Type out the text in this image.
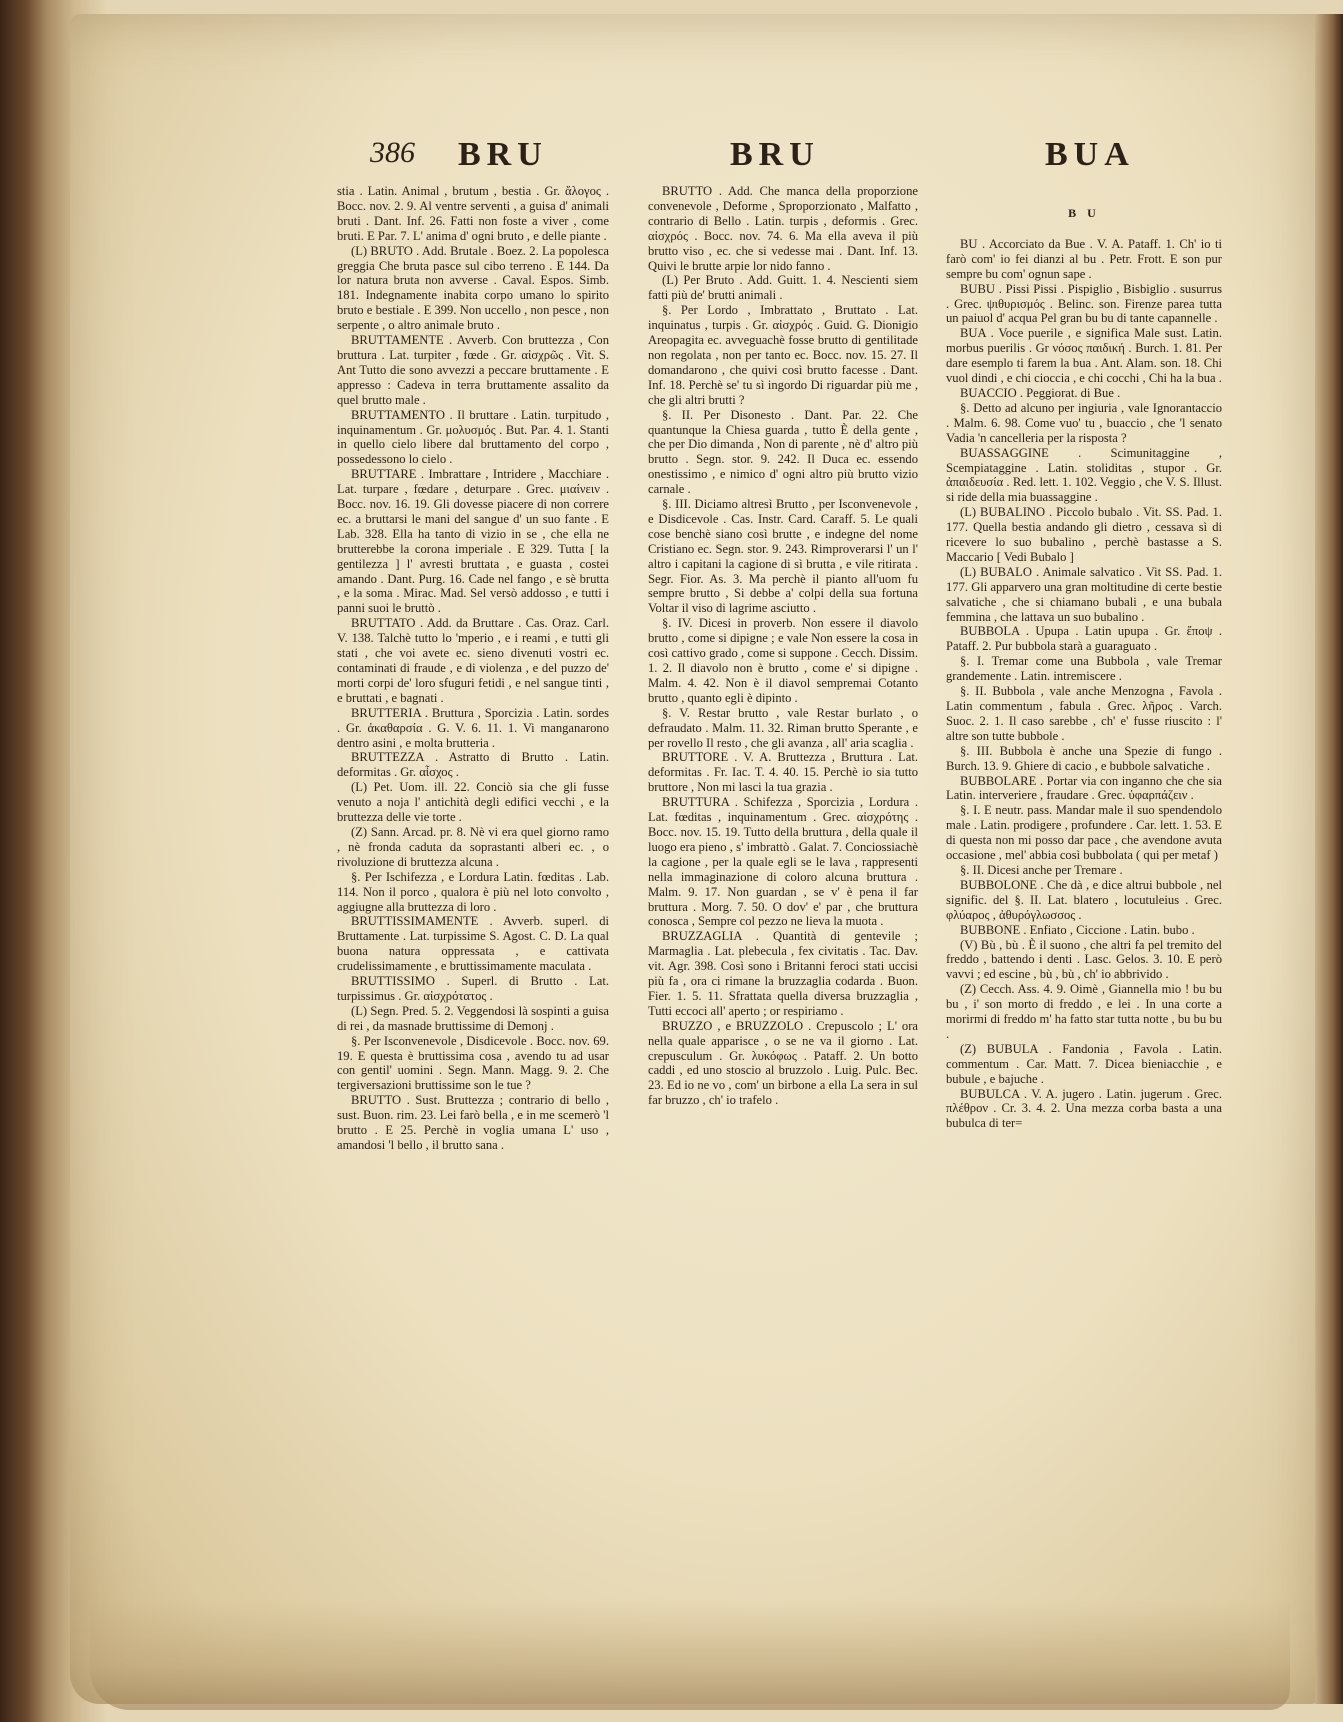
386 BRU	BRU	BUA

stia . Latin. Animal , brutum , bestia . Gr. ἄλογος . Bocc. nov. 2. 9. Al ventre serventi , a guisa d' animali bruti . Dant. Inf. 26. Fatti non foste a viver , come bruti. E Par. 7. L' anima d' ogni bruto , e delle piante .

(L) BRUTO . Add. Brutale . Boez. 2. La popolesca greggia Che bruta pasce sul cibo terreno . E 144. Da lor natura bruta non avverse . Caval. Espos. Simb. 181. Indegnamente inabita corpo umano lo spirito bruto e bestiale . E 399. Non uccello , non pesce , non serpente , o altro animale bruto .

BRUTTAMENTE . Avverb. Con bruttezza , Con bruttura . Lat. turpiter , fœde . Gr. αἰσχρῶς . Vit. S. Ant Tutto die sono avvezzi a peccare bruttamente . E appresso : Cadeva in terra bruttamente assalito da quel brutto male .

BRUTTAMENTO . Il bruttare . Latin. turpitudo , inquinamentum . Gr. μολυσμός . But. Par. 4. 1. Stanti in quello cielo libere dal bruttamento del corpo , possedessono lo cielo .

BRUTTARE . Imbrattare , Intridere , Macchiare . Lat. turpare , fœdare , deturpare . Grec. μιαίνειν . Bocc. nov. 16. 19. Gli dovesse piacere di non correre ec. a bruttarsi le mani del sangue d' un suo fante . E Lab. 328. Ella ha tanto di vizio in se , che ella ne brutterebbe la corona imperiale . E 329. Tutta [ la gentilezza ] l' avresti bruttata , e guasta , costei amando . Dant. Purg. 16. Cade nel fango , e sè brutta , e la soma . Mirac. Mad. Sel versò addosso , e tutti i panni suoi le bruttò .

BRUTTATO . Add. da Bruttare . Cas. Oraz. Carl. V. 138. Talchè tutto lo 'mperio , e i reami , e tutti gli stati , che voi avete ec. sieno divenuti vostri ec. contaminati di fraude , e di violenza , e del puzzo de' morti corpi de' loro sfuguri fetidi , e nel sangue tinti , e bruttati , e bagnati .

BRUTTERIA . Bruttura , Sporcizia . Latin. sordes . Gr. ἀκαθαρσία . G. V. 6. 11. 1. Vi manganarono dentro asini , e molta brutteria .

BRUTTEZZA . Astratto di Brutto . Latin. deformitas . Gr. αἶσχος .

(L) Pet. Uom. ill. 22. Conciò sia che gli fusse venuto a noja l' antichità degli edifici vecchi , e la bruttezza delle vie torte .

(Z) Sann. Arcad. pr. 8. Nè vi era quel giorno ramo , nè fronda caduta da soprastanti alberi ec. , o rivoluzione di bruttezza alcuna .

§. Per Ischifezza , e Lordura Latin. fœditas . Lab. 114. Non il porco , qualora è più nel loto convolto , aggiugne alla bruttezza di loro .

BRUTTISSIMAMENTE . Avverb. superl. di Bruttamente . Lat. turpissime S. Agost. C. D. La qual buona natura oppressata , e cattivata crudelissimamente , e bruttissimamente maculata .

BRUTTISSIMO . Superl. di Brutto . Lat. turpissimus . Gr. αἰσχρότατος .

(L) Segn. Pred. 5. 2. Veggendosi là sospinti a guisa di rei , da masnade bruttissime di Demonj .

§. Per Isconvenevole , Disdicevole . Bocc. nov. 69. 19. E questa è bruttissima cosa , avendo tu ad usar con gentil' uomini . Segn. Mann. Magg. 9. 2. Che tergiversazioni bruttissime son le tue ?

BRUTTO . Sust. Bruttezza ; contrario di bello , sust. Buon. rim. 23. Lei farò bella , e in me scemerò 'l brutto . E 25. Perchè in voglia umana L' uso , amandosi 'l bello , il brutto sana .

BRUTTO . Add. Che manca della proporzione convenevole , Deforme , Sproporzionato , Malfatto , contrario di Bello . Latin. turpis , deformis . Grec. αἰσχρός . Bocc. nov. 74. 6. Ma ella aveva il più brutto viso , ec. che si vedesse mai . Dant. Inf. 13. Quivi le brutte arpie lor nido fanno .

(L) Per Bruto . Add. Guitt. 1. 4. Nescienti siem fatti più de' brutti animali .

§. Per Lordo , Imbrattato , Bruttato . Lat. inquinatus , turpis . Gr. αἰσχρός . Guid. G. Dionigio Areopagita ec. avveguachè fosse brutto di gentilitade non regolata , non per tanto ec. Bocc. nov. 15. 27. Il domandarono , che quivi così brutto facesse . Dant. Inf. 18. Perchè se' tu sì ingordo Di riguardar più me , che gli altri brutti ?

§. II. Per Disonesto . Dant. Par. 22. Che quantunque la Chiesa guarda , tutto È della gente , che per Dio dimanda , Non di parente , nè d' altro più brutto . Segn. stor. 9. 242. Il Duca ec. essendo onestissimo , e nimico d' ogni altro più brutto vizio carnale .

§. III. Diciamo altresì Brutto , per Isconvenevole , e Disdicevole . Cas. Instr. Card. Caraff. 5. Le quali cose benchè siano così brutte , e indegne del nome Cristiano ec. Segn. stor. 9. 243. Rimproverarsi l' un l' altro i capitani la cagione di sì brutta , e vile ritirata . Segr. Fior. As. 3. Ma perchè il pianto all'uom fu sempre brutto , Si debbe a' colpi della sua fortuna Voltar il viso di lagrime asciutto .

§. IV. Dicesi in proverb. Non essere il diavolo brutto , come si dipigne ; e vale Non essere la cosa in così cattivo grado , come si suppone . Cecch. Dissim. 1. 2. Il diavolo non è brutto , come e' si dipigne . Malm. 4. 42. Non è il diavol sempremai Cotanto brutto , quanto egli è dipinto .

§. V. Restar brutto , vale Restar burlato , o defraudato . Malm. 11. 32. Riman brutto Sperante , e per rovello Il resto , che gli avanza , all' aria scaglia .

BRUTTORE . V. A. Bruttezza , Bruttura . Lat. deformitas . Fr. Iac. T. 4. 40. 15. Perchè io sia tutto bruttore , Non mi lasci la tua grazia .

BRUTTURA . Schifezza , Sporcizia , Lordura . Lat. fœditas , inquinamentum . Grec. αἰσχρότης . Bocc. nov. 15. 19. Tutto della bruttura , della quale il luogo era pieno , s' imbrattò . Galat. 7. Conciossiachè la cagione , per la quale egli se le lava , rappresenti nella immaginazione di coloro alcuna bruttura . Malm. 9. 17. Non guardan , se v' è pena il far bruttura . Morg. 7. 50. O dov' e' par , che bruttura conosca , Sempre col pezzo ne lieva la muota .

BRUZZAGLIA . Quantità di gentevile ; Marmaglia . Lat. plebecula , fex civitatis . Tac. Dav. vit. Agr. 398. Così sono i Britanni feroci stati uccisi più fa , ora ci rimane la bruzzaglia codarda . Buon. Fier. 1. 5. 11. Sfrattata quella diversa bruzzaglia , Tutti eccoci all' aperto ; or respiriamo .

BRUZZO , e BRUZZOLO . Crepuscolo ; L' ora nella quale apparisce , o se ne va il giorno . Lat. crepusculum . Gr. λυκόφως . Pataff. 2. Un botto caddi , ed uno stoscio al bruzzolo . Luig. Pulc. Bec. 23. Ed io ne vo , com' un birbone a ella La sera in sul far bruzzo , ch' io trafelo .

B U

BU . Accorciato da Bue . V. A. Pataff. 1. Ch' io ti farò com' io fei dianzi al bu . Petr. Frott. E son pur sempre bu com' ognun sape .

BUBU . Pissi Pissi . Pispiglio , Bisbiglio . susurrus . Grec. ψιθυρισμός . Belinc. son. Firenze parea tutta un paiuol d' acqua Pel gran bu bu di tante capannelle .

BUA . Voce puerile , e significa Male sust. Latin. morbus puerilis . Gr νόσος παιδική . Burch. 1. 81. Per dare esemplo ti farem la bua . Ant. Alam. son. 18. Chi vuol dindi , e chi cioccia , e chi cocchi , Chi ha la bua .

BUACCIO . Peggiorat. di Bue .

§. Detto ad alcuno per ingiuria , vale Ignorantaccio . Malm. 6. 98. Come vuo' tu , buaccio , che 'l senato Vadia 'n cancelleria per la risposta ?

BUASSAGGINE . Scimunitaggine , Scempiataggine . Latin. stoliditas , stupor . Gr. ἀπαιδευσία . Red. lett. 1. 102. Veggio , che V. S. Illust. si ride della mia buassaggine .

(L) BUBALINO . Piccolo bubalo . Vit. SS. Pad. 1. 177. Quella bestia andando gli dietro , cessava sì di ricevere lo suo bubalino , perchè bastasse a S. Maccario [ Vedi Bubalo ]

(L) BUBALO . Animale salvatico . Vit SS. Pad. 1. 177. Gli apparvero una gran moltitudine di certe bestie salvatiche , che si chiamano bubali , e una bubala femmina , che lattava un suo bubalino .

BUBBOLA . Upupa . Latin upupa . Gr. ἔποψ . Pataff. 2. Pur bubbola starà a guaraguato .

§. I. Tremar come una Bubbola , vale Tremar grandemente . Latin. intremiscere .

§. II. Bubbola , vale anche Menzogna , Favola . Latin commentum , fabula . Grec. λῆρος . Varch. Suoc. 2. 1. Il caso sarebbe , ch' e' fusse riuscito : l' altre son tutte bubbole .

§. III. Bubbola è anche una Spezie di fungo . Burch. 13. 9. Ghiere di cacio , e bubbole salvatiche .

BUBBOLARE . Portar via con inganno che che sia Latin. interveriere , fraudare . Grec. ὑφαρπάζειν .

§. I. E neutr. pass. Mandar male il suo spendendolo male . Latin. prodigere , profundere . Car. lett. 1. 53. E di questa non mi posso dar pace , che avendone avuta occasione , mel' abbia così bubbolata ( qui per metaf )

§. II. Dicesi anche per Tremare .

BUBBOLONE . Che dà , e dice altrui bubbole , nel signific. del §. II. Lat. blatero , locutuleius . Grec. φλύαρος , ἀθυρόγλωσσος .

BUBBONE . Enfiato , Ciccione . Latin. bubo .

(V) Bù , bù . È il suono , che altri fa pel tremito del freddo , battendo i denti . Lasc. Gelos. 3. 10. E però vavvi ; ed escine , bù , bù , ch' io abbrivido .

(Z) Cecch. Ass. 4. 9. Oimè , Giannella mio ! bu bu bu , i' son morto di freddo , e lei . In una corte a morirmi di freddo m' ha fatto star tutta notte , bu bu bu .

(Z) BUBULA . Fandonia , Favola . Latin. commentum . Car. Matt. 7. Dicea bieniacchie , e bubule , e bajuche .

BUBULCA . V. A. jugero . Latin. jugerum . Grec. πλέθρον . Cr. 3. 4. 2. Una mezza corba basta a una bubulca di ter=
